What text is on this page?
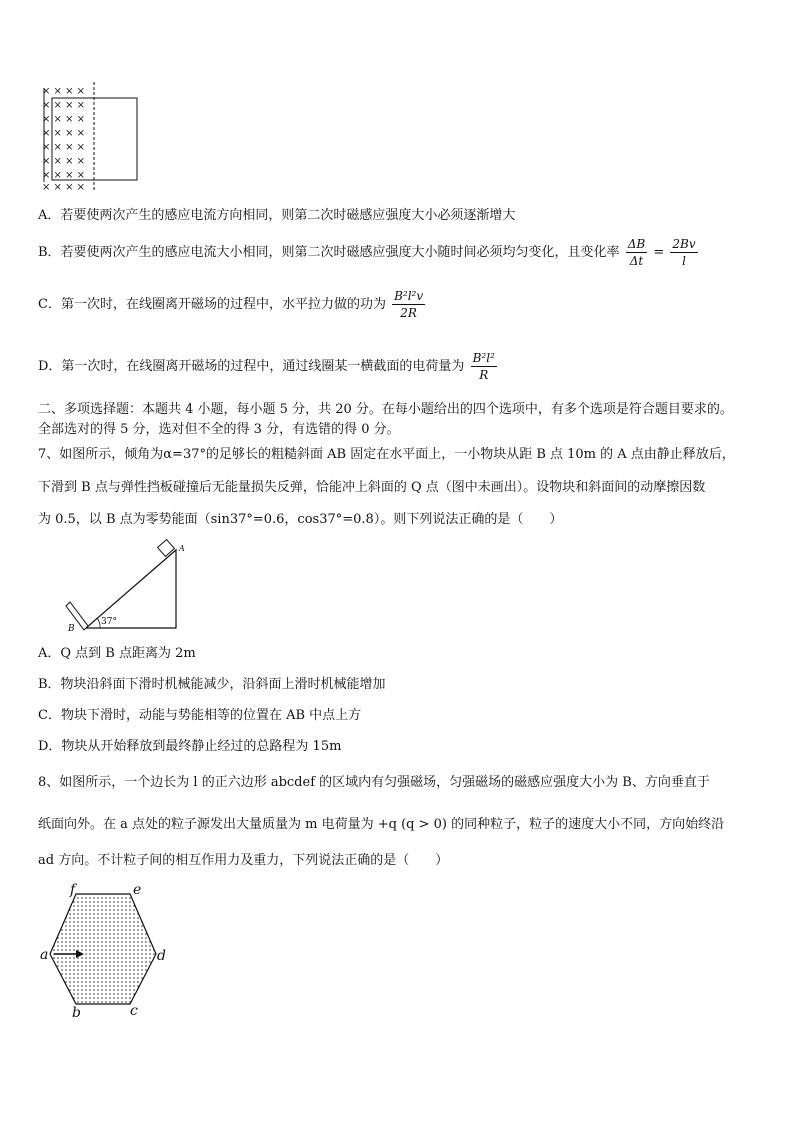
× × × ×
× × × ×
× × × ×
× × × ×
× × × ×
× × × ×
× × × ×
× × × ×
A．若要使两次产生的感应电流方向相同，则第二次时磁感应强度大小必须逐渐增大
B．若要使两次产生的感应电流大小相同，则第二次时磁感应强度大小随时间必须均匀变化，且变化率 $\frac{\Delta B}{\Delta t} = \frac{2Bv}{l}$
C．第一次时，在线圈离开磁场的过程中，水平拉力做的功为 $\frac{\text{B²l²v}}{2R}$
D．第一次时，在线圈离开磁场的过程中，通过线圈某一横截面的电荷量为 $\frac{\text{B²l²}}{R}$
二、多项选择题：本题共 4 小题，每小题 5 分，共 20 分。在每小题给出的四个选项中，有多个选项是符合题目要求的。
全部选对的得 5 分，选对但不全的得 3 分，有选错的得 0 分。
7、如图所示，倾角为α=37°的足够长的粗糙斜面 AB 固定在水平面上，一小物块从距 B 点 10m 的 A 点由静止释放后，
下滑到 B 点与弹性挡板碰撞后无能量损失反弹，恰能冲上斜面的 Q 点（图中未画出）。设物块和斜面间的动摩擦因数
为 0.5，以 B 点为零势能面（sin37°=0.6，cos37°=0.8）。则下列说法正确的是（　　）
37°
A
B
A．Q 点到 B 点距离为 2m
B．物块沿斜面下滑时机械能减少，沿斜面上滑时机械能增加
C．物块下滑时，动能与势能相等的位置在 AB 中点上方
D．物块从开始释放到最终静止经过的总路程为 15m
8、如图所示，一个边长为 l 的正六边形 abcdef 的区域内有匀强磁场，匀强磁场的磁感应强度大小为 B、方向垂直于
纸面向外。在 a 点处的粒子源发出大量质量为 m 电荷量为 +q (q > 0) 的同种粒子，粒子的速度大小不同，方向始终沿
ad 方向。不计粒子间的相互作用力及重力，下列说法正确的是（　　）
a
b	c
d
e
f
